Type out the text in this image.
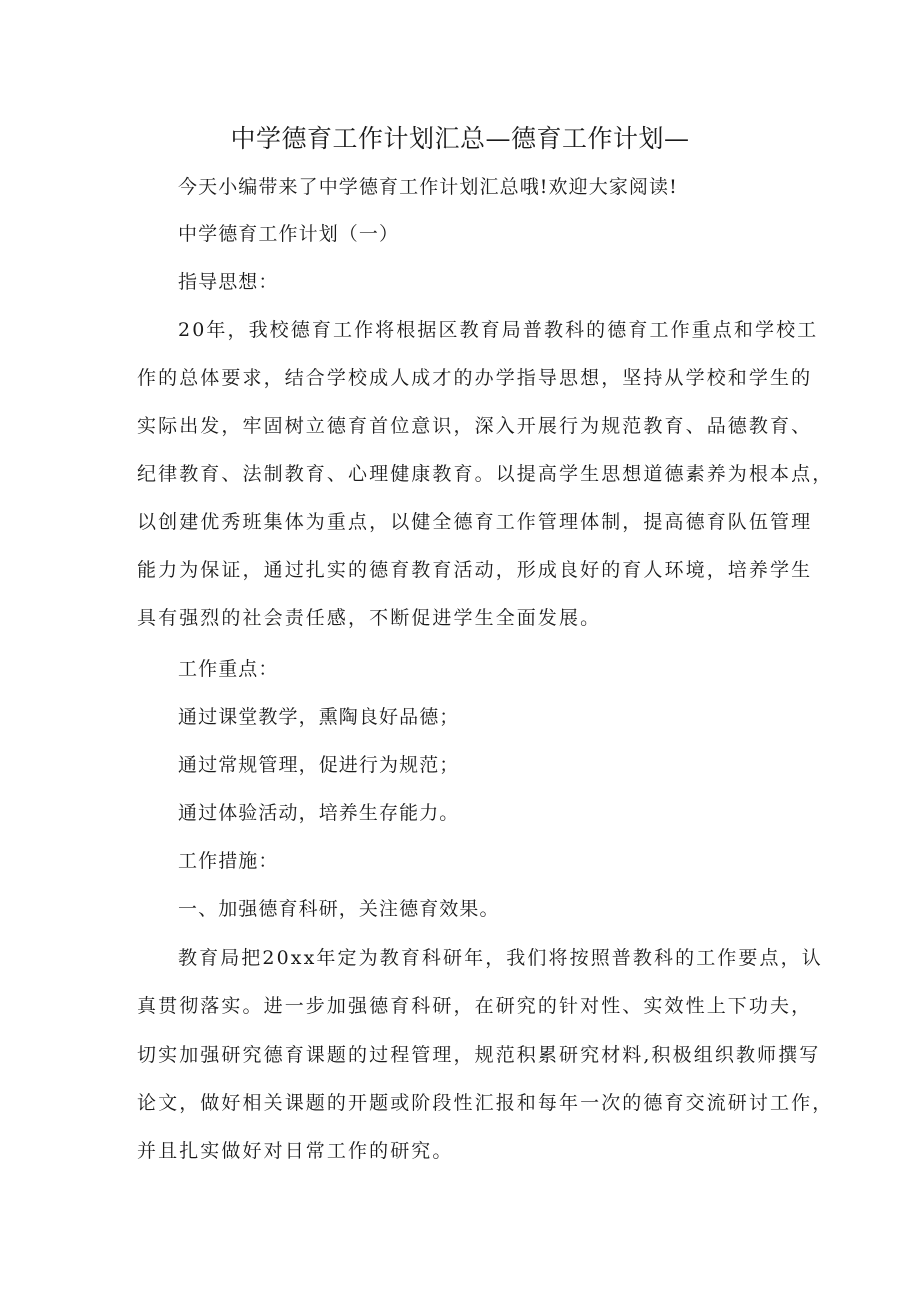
中学德育工作计划汇总—德育工作计划—
今天小编带来了中学德育工作计划汇总哦!欢迎大家阅读!
中学德育工作计划（一）
指导思想：
20年，我校德育工作将根据区教育局普教科的德育工作重点和学校工
作的总体要求，结合学校成人成才的办学指导思想，坚持从学校和学生的
实际出发，牢固树立德育首位意识，深入开展行为规范教育、品德教育、
纪律教育、法制教育、心理健康教育。以提高学生思想道德素养为根本点，
以创建优秀班集体为重点，以健全德育工作管理体制，提高德育队伍管理
能力为保证，通过扎实的德育教育活动，形成良好的育人环境，培养学生
具有强烈的社会责任感，不断促进学生全面发展。
工作重点：
通过课堂教学，熏陶良好品德；
通过常规管理，促进行为规范；
通过体验活动，培养生存能力。
工作措施：
一、加强德育科研，关注德育效果。
教育局把20xx年定为教育科研年，我们将按照普教科的工作要点，认
真贯彻落实。进一步加强德育科研，在研究的针对性、实效性上下功夫，
切实加强研究德育课题的过程管理，规范积累研究材料,积极组织教师撰写
论文，做好相关课题的开题或阶段性汇报和每年一次的德育交流研讨工作，
并且扎实做好对日常工作的研究。
